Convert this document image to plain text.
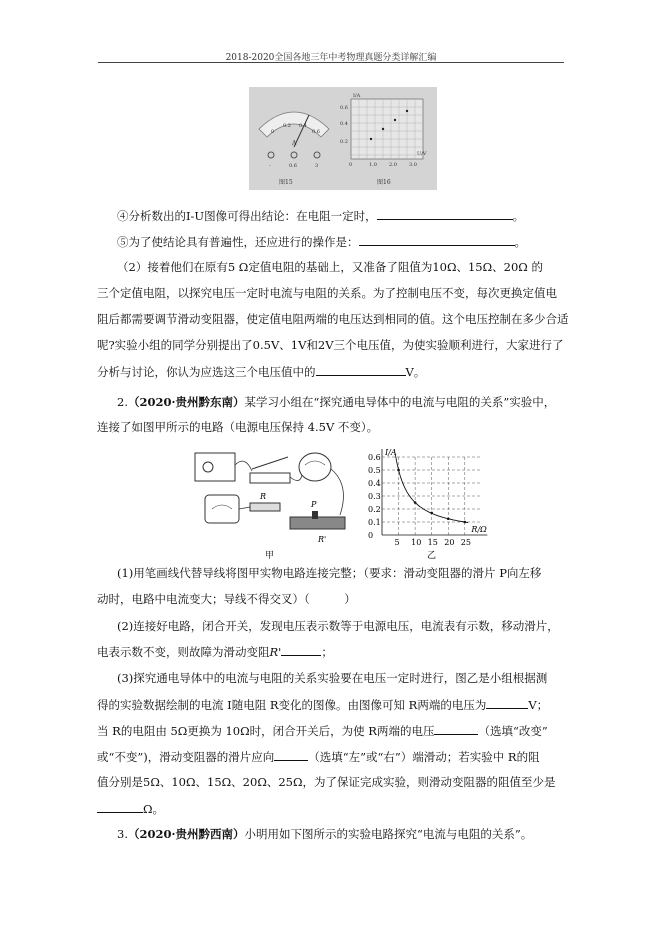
2018-2020全国各地三年中考物理真题分类详解汇编
0
0.2 0.4
0.6
A
-	0.6	3
图15
I/A
0.6
0.4
0.2
0	1.0 2.0 3.0
U/V
图16
④分析数出的I-U图像可得出结论：在电阻一定时，	。
⑤为了使结论具有普遍性，还应进行的操作是：	。
（2）接着他们在原有5 Ω定值电阻的基础上，又准备了阻值为10Ω、15Ω、20Ω 的
三个定值电阻，以探究电压一定时电流与电阻的关系。为了控制电压不变，每次更换定值电
阻后都需要调节滑动变阻器，使定值电阻两端的电压达到相同的值。这个电压控制在多少合适
呢?实验小组的同学分别提出了0.5V、1V和2V三个电压值，为使实验顺利进行，大家进行了
分析与讨论，你认为应选这三个电压值中的	V。
2.（2020·贵州黔东南）某学习小组在“探究通电导体中的电流与电阻的关系”实验中，
连接了如图甲所示的电路（电源电压保持 4.5V 不变）。
R
P
R'
甲
0.6
0.5
0.4
0.3
0.2
0.1
0
5 10 15 20 25
I/A
R/Ω
乙
(1)用笔画线代替导线将图甲实物电路连接完整；（要求：滑动变阻器的滑片 P向左移
动时，电路中电流变大；导线不得交叉）（　　　）
(2)连接好电路，闭合开关，发现电压表示数等于电源电压，电流表有示数，移动滑片，
电表示数不变，则故障为滑动变阻R'	；
(3)探究通电导体中的电流与电阻的关系实验要在电压一定时进行，图乙是小组根据测
得的实验数据绘制的电流 I随电阻 R变化的图像。由图像可知 R两端的电压为	V；
当 R的电阻由 5Ω更换为 10Ω时，闭合开关后，为使 R两端的电压	（选填“改变”
或“不变”)，滑动变阻器的滑片应向	（选填“左”或“右”）端滑动；若实验中 R的阻
值分别是5Ω、10Ω、15Ω、20Ω、25Ω，为了保证完成实验，则滑动变阻器的阻值至少是
Ω。
3.（2020·贵州黔西南）小明用如下图所示的实验电路探究“电流与电阻的关系”。
